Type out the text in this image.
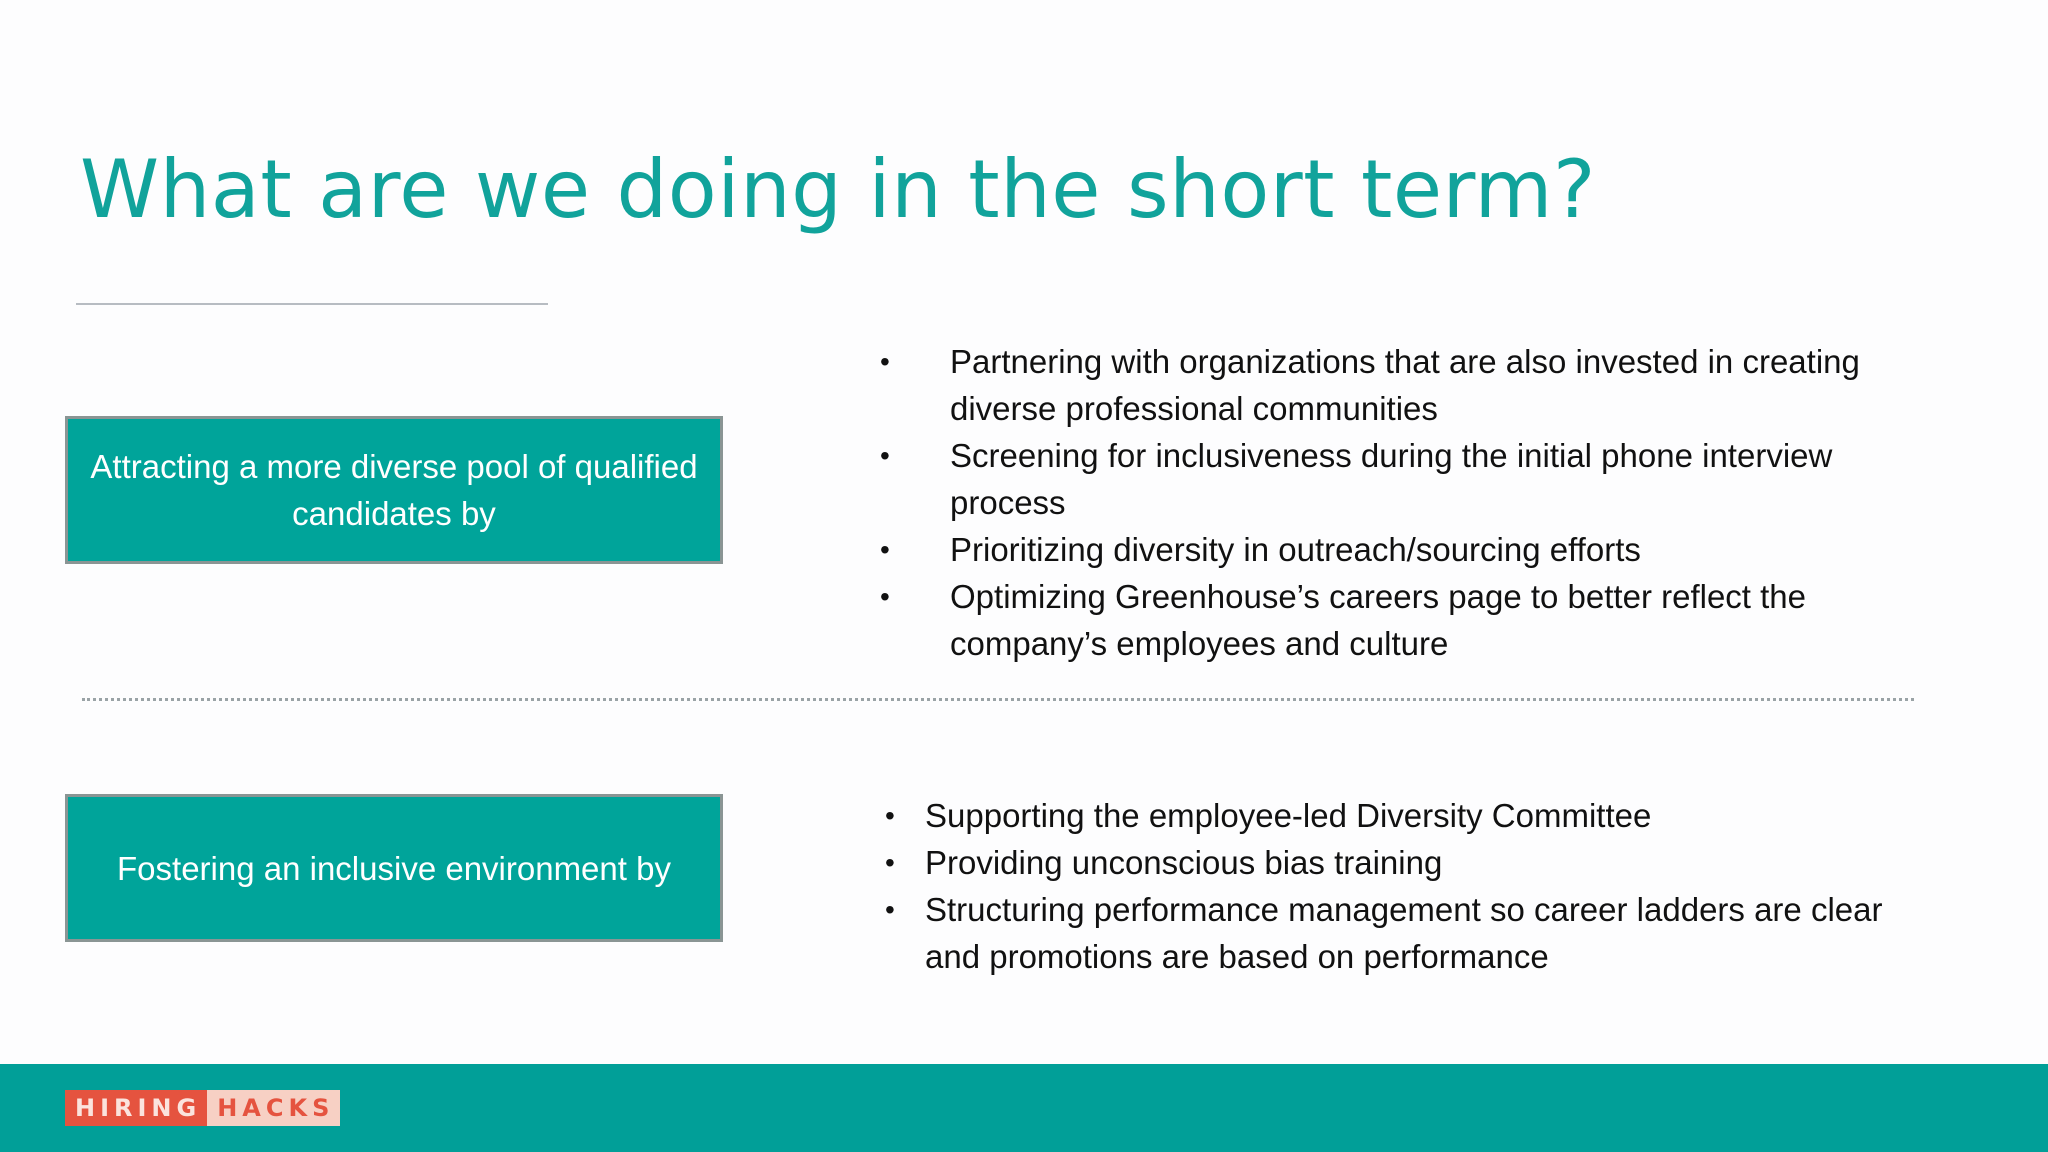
What are we doing in the short term?
Attracting a more diverse pool of qualified candidates by
• Partnering with organizations that are also invested in creating diverse professional communities
• Screening for inclusiveness during the initial phone interview process
• Prioritizing diversity in outreach/sourcing efforts
• Optimizing Greenhouse’s careers page to better reflect the company’s employees and culture
Fostering an inclusive environment by
• Supporting the employee-led Diversity Committee
• Providing unconscious bias training
• Structuring performance management so career ladders are clear and promotions are based on performance
HIRING HACKS
